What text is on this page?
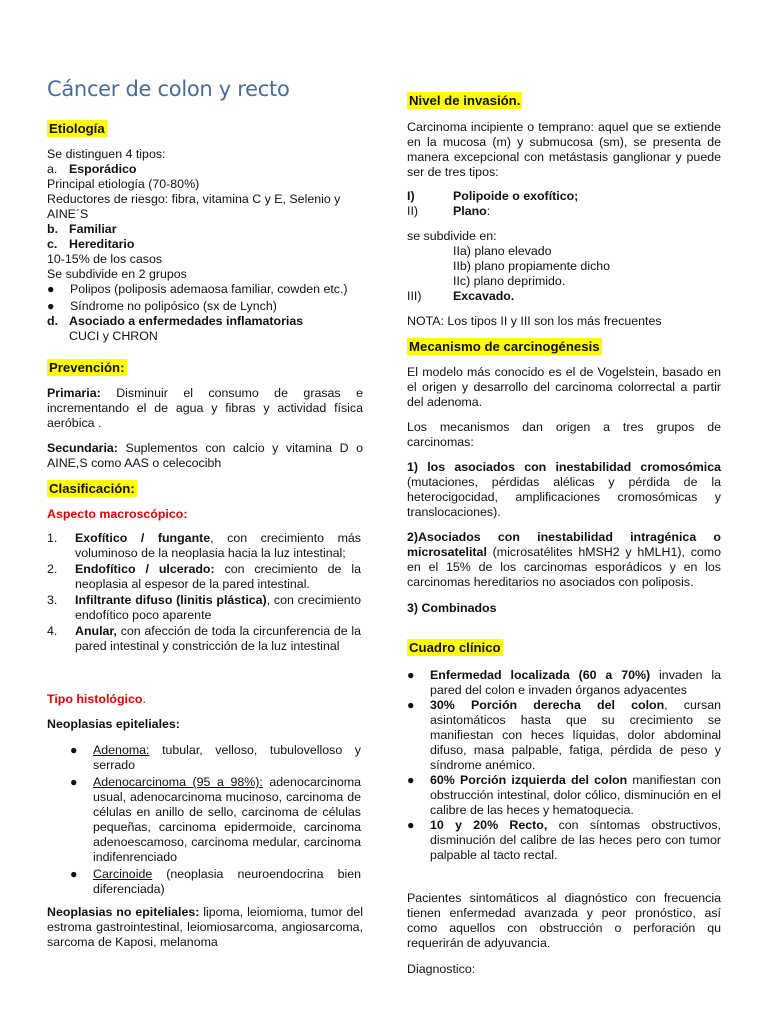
Cáncer de colon y recto
Etiología

Se distinguen 4 tipos:

a. Esporádico

Principal etiología (70-80%)

Reductores de riesgo: fibra, vitamina C y E, Selenio y

AINE´S

b. Familiar

c. Hereditario

10-15% de los casos

Se subdivide en 2 grupos

● Polipos (poliposis ademaosa familiar, cowden etc.)
● Síndrome no polipósico (sx de Lynch)

d. Asociado a enfermedades inflamatorias

CUCI y CHRON

Prevención:

Primaria: Disminuir el consumo de grasas e incrementando el de agua y fibras y actividad física aeróbica .

Secundaria: Suplementos con calcio y vitamina D o AINE,S como AAS o celecocibh

Clasificación:
Aspecto macroscópico:
1. Exofítico / fungante, con crecimiento más voluminoso de la neoplasia hacia la luz intestinal;
2. Endofítico / ulcerado: con crecimiento de la neoplasia al espesor de la pared intestinal.
3. Infiltrante difuso (linitis plástica), con crecimiento endofítico poco aparente
4. Anular, con afección de toda la circunferencia de la pared intestinal y constricción de la luz intestinal
Tipo histológico.
Neoplasias epiteliales:
● Adenoma: tubular, velloso, tubulovelloso y serrado
● Adenocarcinoma (95 a 98%): adenocarcinoma usual, adenocarcinoma mucinoso, carcinoma de células en anillo de sello, carcinoma de células pequeñas, carcinoma epidermoide, carcinoma adenoescamoso, carcinoma medular, carcinoma indifenrenciado
● Carcinoide (neoplasia neuroendocrina bien diferenciada)
Neoplasias no epiteliales: lipoma, leiomioma, tumor del estroma gastrointestinal, leiomiosarcoma, angiosarcoma, sarcoma de Kaposi, melanoma
Nivel de invasión.
Carcinoma incipiente o temprano: aquel que se extiende en la mucosa (m) y submucosa (sm), se presenta de manera excepcional con metástasis ganglionar y puede ser de tres tipos:

I)	Polipoide o exofítico;

II)	Plano:

se subdivide en:

IIa) plano elevado

IIb) plano propiamente dicho

IIc) plano deprimido.

III)	Excavado.

NOTA: Los tipos II y III son los más frecuentes

Mecanismo de carcinogénesis

El modelo más conocido es el de Vogelstein, basado en el origen y desarrollo del carcinoma colorrectal a partir del adenoma.

Los mecanismos dan origen a tres grupos de carcinomas:

1) los asociados con inestabilidad cromosómica (mutaciones, pérdidas alélicas y pérdida de la heterocigocidad, amplificaciones cromosómicas y translocaciones).

2)Asociados con inestabilidad intragénica o microsatelital (microsatélites hMSH2 y hMLH1), como en el 15% de los carcinomas esporádicos y en los carcinomas hereditarios no asociados con poliposis.

3) Combinados

Cuadro clínico
● Enfermedad localizada (60 a 70%) invaden la pared del colon e invaden órganos adyacentes
● 30% Porción derecha del colon, cursan asintomáticos hasta que su crecimiento se manifiestan con heces líquidas, dolor abdominal difuso, masa palpable, fatiga, pérdida de peso y síndrome anémico.
● 60% Porción izquierda del colon manifiestan con obstrucción intestinal, dolor cólico, disminución en el calibre de las heces y hematoquecia.
● 10 y 20% Recto, con síntomas obstructivos, disminución del calibre de las heces pero con tumor palpable al tacto rectal.
Pacientes sintomáticos al diagnóstico con frecuencia tienen enfermedad avanzada y peor pronóstico, así como aquellos con obstrucción o perforación qu requerirán de adyuvancia.
Diagnostico:
